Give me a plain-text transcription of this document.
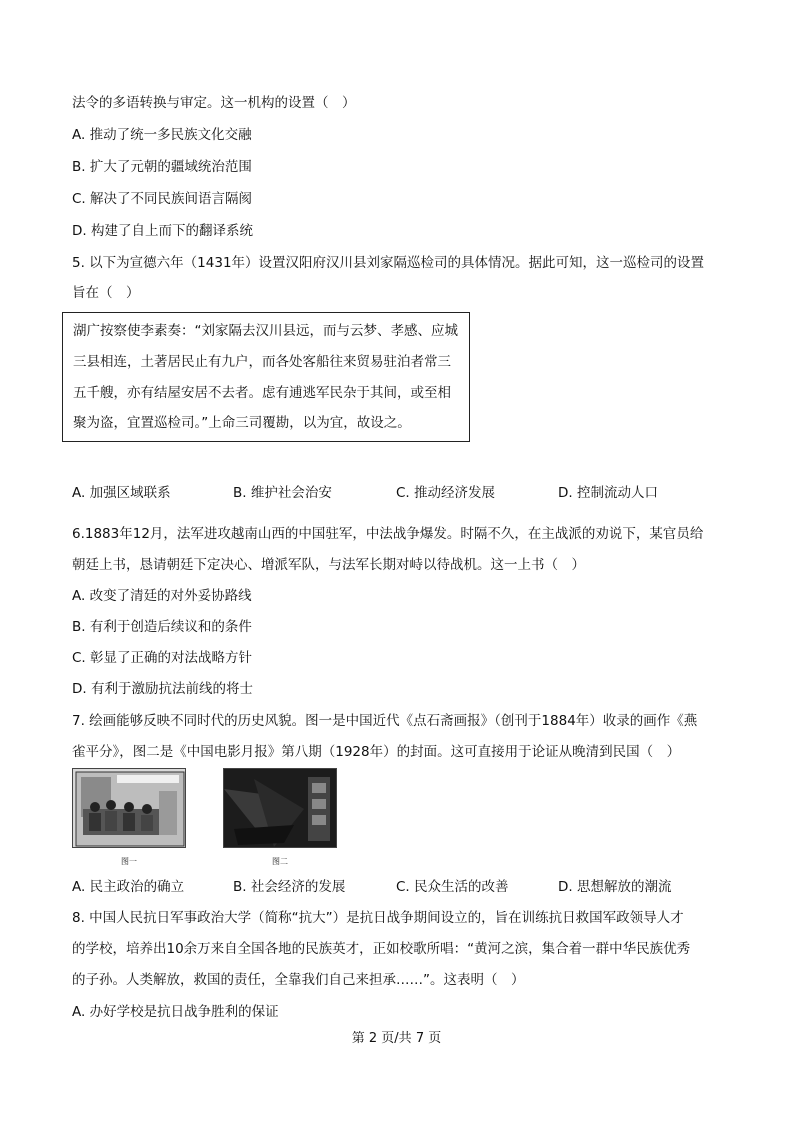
法令的多语转换与审定。这一机构的设置（　）
A. 推动了统一多民族文化交融
B. 扩大了元朝的疆域统治范围
C. 解决了不同民族间语言隔阂
D. 构建了自上而下的翻译系统
5. 以下为宣德六年（1431年）设置汉阳府汉川县刘家隔巡检司的具体情况。据此可知，这一巡检司的设置
旨在（　）
湖广按察使李素奏：“刘家隔去汉川县远，而与云梦、孝感、应城
三县相连，土著居民止有九户，而各处客船往来贸易驻泊者常三
五千艘，亦有结屋安居不去者。虑有逋逃军民杂于其间，或至相
聚为盗，宜置巡检司。”上命三司覆勘，以为宜，故设之。
A. 加强区域联系	B. 维护社会治安	C. 推动经济发展	D. 控制流动人口
6.1883年12月，法军进攻越南山西的中国驻军，中法战争爆发。时隔不久，在主战派的劝说下，某官员给
朝廷上书，恳请朝廷下定决心、增派军队，与法军长期对峙以待战机。这一上书（　）
A. 改变了清廷的对外妥协路线
B. 有利于创造后续议和的条件
C. 彰显了正确的对法战略方针
D. 有利于激励抗法前线的将士
7. 绘画能够反映不同时代的历史风貌。图一是中国近代《点石斋画报》（创刊于1884年）收录的画作《燕
雀平分》，图二是《中国电影月报》第八期（1928年）的封面。这可直接用于论证从晚清到民国（　）
图一	图二
A. 民主政治的确立	B. 社会经济的发展	C. 民众生活的改善	D. 思想解放的潮流
8. 中国人民抗日军事政治大学（简称“抗大”）是抗日战争期间设立的，旨在训练抗日救国军政领导人才
的学校，培养出10余万来自全国各地的民族英才，正如校歌所唱：“黄河之滨，集合着一群中华民族优秀
的子孙。人类解放，救国的责任，全靠我们自己来担承……”。这表明（　）
A. 办好学校是抗日战争胜利的保证
第 2 页/共 7 页
